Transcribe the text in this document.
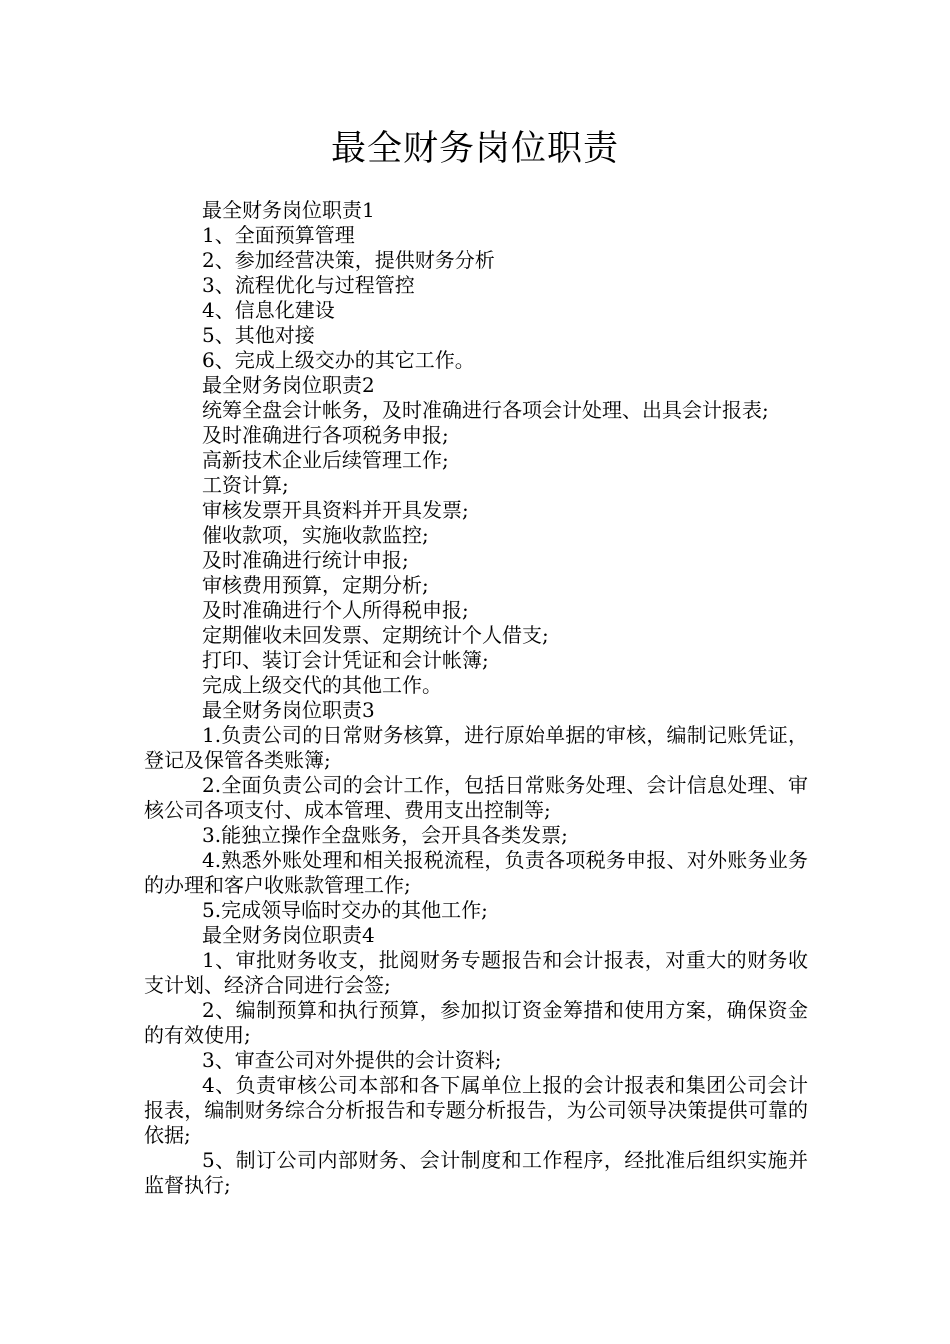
最全财务岗位职责

最全财务岗位职责1

1、全面预算管理

2、参加经营决策，提供财务分析

3、流程优化与过程管控

4、信息化建设

5、其他对接

6、完成上级交办的其它工作。

最全财务岗位职责2

统筹全盘会计帐务，及时准确进行各项会计处理、出具会计报表;

及时准确进行各项税务申报;

高新技术企业后续管理工作;

工资计算;

审核发票开具资料并开具发票;

催收款项，实施收款监控;

及时准确进行统计申报;

审核费用预算，定期分析;

及时准确进行个人所得税申报;

定期催收未回发票、定期统计个人借支;

打印、装订会计凭证和会计帐簿;

完成上级交代的其他工作。

最全财务岗位职责3

1.负责公司的日常财务核算，进行原始单据的审核，编制记账凭证，登记及保管各类账簿;

2.全面负责公司的会计工作，包括日常账务处理、会计信息处理、审核公司各项支付、成本管理、费用支出控制等;

3.能独立操作全盘账务，会开具各类发票;

4.熟悉外账处理和相关报税流程，负责各项税务申报、对外账务业务的办理和客户收账款管理工作;

5.完成领导临时交办的其他工作;

最全财务岗位职责4

1、审批财务收支，批阅财务专题报告和会计报表，对重大的财务收支计划、经济合同进行会签;

2、编制预算和执行预算，参加拟订资金筹措和使用方案，确保资金的有效使用;

3、审查公司对外提供的会计资料;

4、负责审核公司本部和各下属单位上报的会计报表和集团公司会计报表，编制财务综合分析报告和专题分析报告，为公司领导决策提供可靠的依据;

5、制订公司内部财务、会计制度和工作程序，经批准后组织实施并监督执行;
